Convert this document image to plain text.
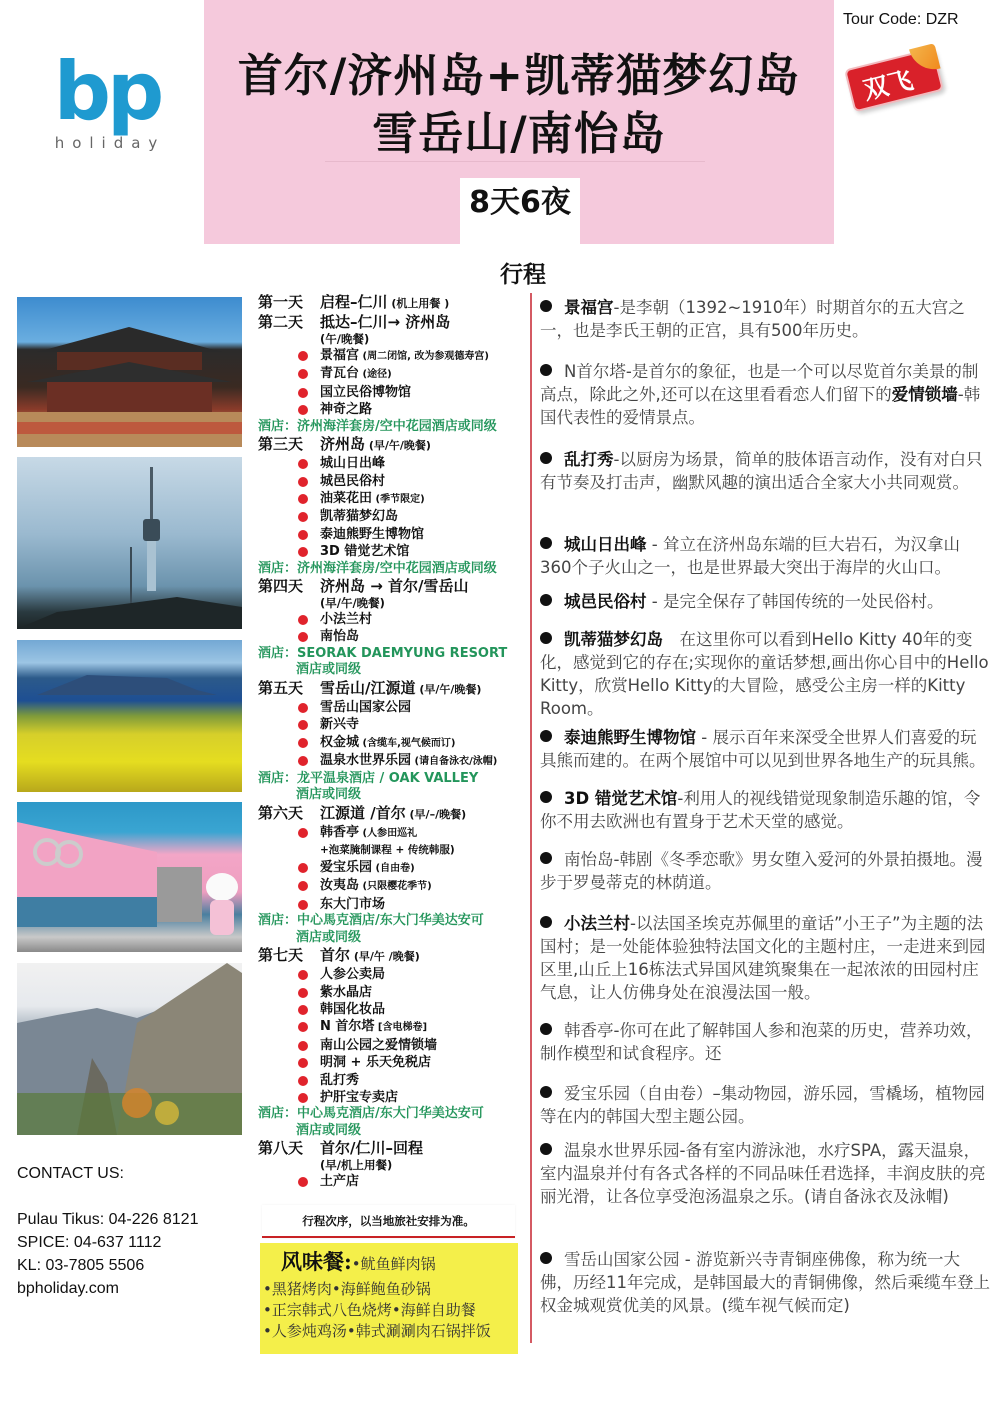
bp
holiday
首尔/济州岛+凯蒂猫梦幻岛
雪岳山/南怡岛
8天6夜
Tour Code: DZR
双飞
行程
CONTACT US:
Pulau Tikus: 04-226 8121
SPICE: 04-637 1112
KL: 03-7805 5506
bpholiday.com
第一天 启程–仁川 (机上用餐 )
第二天 抵达–仁川→ 济州岛
(午/晚餐)
景福宫 (周二闭馆, 改为参观德寿宫)
青瓦台 (途径)
国立民俗博物馆
神奇之路
酒店：济州海洋套房/空中花园酒店或同级
第三天 济州岛 (早/午/晚餐)
城山日出峰
城邑民俗村
油菜花田 (季节限定)
凯蒂猫梦幻岛
泰迪熊野生博物馆
3D 错觉艺术馆
酒店：济州海洋套房/空中花园酒店或同级
第四天 济州岛 → 首尔/雪岳山
(早/午/晚餐)
小法兰村
南怡岛
酒店：SEORAK DAEMYUNG RESORT
酒店或同级
第五天 雪岳山/江源道 (早/午/晚餐)
雪岳山国家公园
新兴寺
权金城 (含缆车,视气候而订)
温泉水世界乐园 (请自备泳衣/泳帽)
酒店：龙平温泉酒店 / OAK VALLEY
酒店或同级
第六天 江源道 /首尔 (早/–/晚餐)
韩香亭 (人参田巡礼
+泡菜腌制课程 + 传统韩服)
爱宝乐园 (自由卷)
汝夷岛 (只限樱花季节)
东大门市场
酒店：中心馬克酒店/东大门华美达安可
酒店或同级
第七天 首尔 (早/午 /晚餐)
人参公卖局
紫水晶店
韩国化妆品
N 首尔塔 [含电梯卷]
南山公园之爱情锁墙
明洞 + 乐天免税店
乱打秀
护肝宝专卖店
酒店：中心馬克酒店/东大门华美达安可
酒店或同级
第八天 首尔/仁川–回程
(早/机上用餐)
土产店
行程次序，以当地旅社安排为准。
风味餐:•鱿鱼鲜肉锅
•黑猪烤肉•海鲜鲍鱼砂锅
•正宗韩式八色烧烤•海鲜自助餐
•人参炖鸡汤•韩式涮涮肉石锅拌饭
景福宫-是李朝（1392~1910年）时期首尔的五大宫之一，也是李氏王朝的正宫，具有500年历史。
N首尔塔-是首尔的象征，也是一个可以尽览首尔美景的制高点，除此之外,还可以在这里看看恋人们留下的爱情锁墙-韩国代表性的爱情景点。
乱打秀-以厨房为场景，简单的肢体语言动作，没有对白只有节奏及打击声，幽默风趣的演出适合全家大小共同观赏。
城山日出峰 - 耸立在济州岛东端的巨大岩石，为汉拿山360个子火山之一，也是世界最大突出于海岸的火山口。
城邑民俗村 - 是完全保存了韩国传统的一处民俗村。
凯蒂猫梦幻岛　 在这里你可以看到Hello Kitty 40年的变化，感觉到它的存在;实现你的童话梦想,画出你心目中的Hello Kitty，欣赏Hello Kitty的大冒险，感受公主房一样的Kitty Room。
泰迪熊野生博物馆 - 展示百年来深受全世界人们喜爱的玩具熊而建的。在两个展馆中可以见到世界各地生产的玩具熊。
3D 错觉艺术馆-利用人的视线错觉现象制造乐趣的馆，令你不用去欧洲也有置身于艺术天堂的感觉。
南怡岛-韩剧《冬季恋歌》男女堕入爱河的外景拍摄地。漫步于罗曼蒂克的林荫道。
小法兰村-以法国圣埃克苏佩里的童话”小王子”为主题的法国村；是一处能体验独特法国文化的主题村庄，一走进来到园区里,山丘上16栋法式异国风建筑聚集在一起浓浓的田园村庄气息，让人仿佛身处在浪漫法国一般。
韩香亭-你可在此了解韩国人参和泡菜的历史，营养功效，制作模型和试食程序。还
爱宝乐园（自由卷）–集动物园，游乐园，雪橇场，植物园等在内的韩国大型主题公园。
温泉水世界乐园-备有室内游泳池，水疗SPA，露天温泉，室内温泉并付有各式各样的不同品味任君选择，丰润皮肤的亮丽光滑，让各位享受泡汤温泉之乐。(请自备泳衣及泳帽)
雪岳山国家公园 - 游览新兴寺青铜座佛像，称为统一大佛，历经11年完成，是韩国最大的青铜佛像，然后乘缆车登上权金城观赏优美的风景。(缆车视气候而定)
